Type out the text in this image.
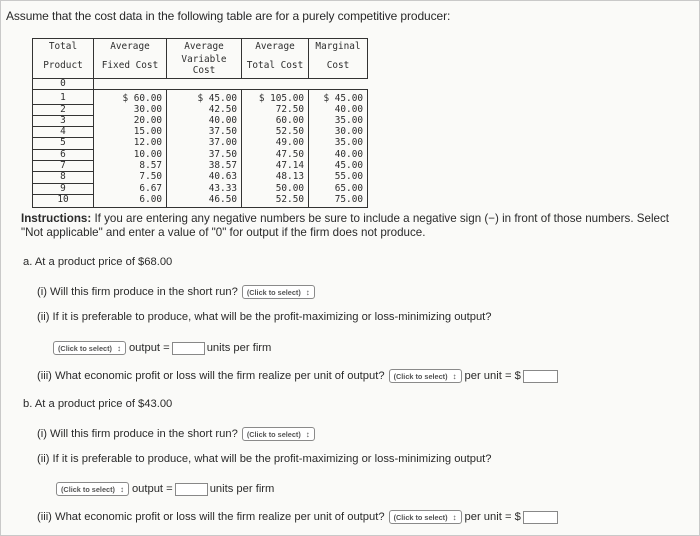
Assume that the cost data in the following table are for a purely competitive producer:
Total	Average	Average	Average	Marginal
Product	Fixed Cost	Variable Cost	Total Cost	Cost
0				
1	$ 60.00	$ 45.00	$ 105.00	$ 45.00
2	30.00	42.50	72.50	40.00
3	20.00	40.00	60.00	35.00
4	15.00	37.50	52.50	30.00
5	12.00	37.00	49.00	35.00
6	10.00	37.50	47.50	40.00
7	8.57	38.57	47.14	45.00
8	7.50	40.63	48.13	55.00
9	6.67	43.33	50.00	65.00
10	6.00	46.50	52.50	75.00
Instructions: If you are entering any negative numbers be sure to include a negative sign (−) in front of those numbers. Select "Not applicable" and enter a value of "0" for output if the firm does not produce.
a. At a product price of $68.00
(i) Will this firm produce in the short run? (Click to select) ↕
(ii) If it is preferable to produce, what will be the profit-maximizing or loss-minimizing output?
(Click to select) ↕ output =	units per firm
(iii) What economic profit or loss will the firm realize per unit of output? (Click to select) ↕ per unit = $
b. At a product price of $43.00
(i) Will this firm produce in the short run? (Click to select) ↕
(ii) If it is preferable to produce, what will be the profit-maximizing or loss-minimizing output?
(Click to select) ↕ output =	units per firm
(iii) What economic profit or loss will the firm realize per unit of output? (Click to select) ↕ per unit = $
